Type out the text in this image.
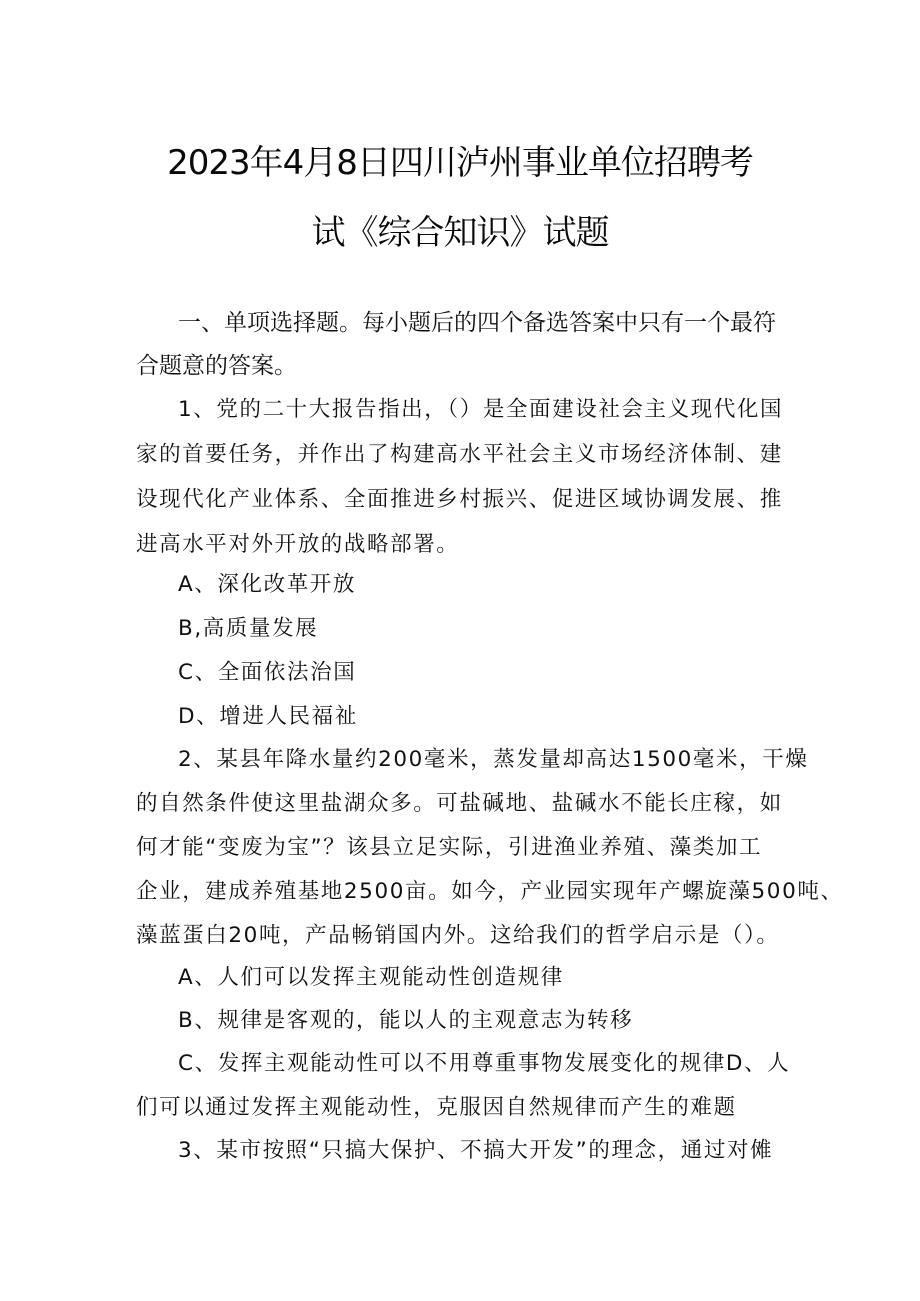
2023年4月8日四川泸州事业单位招聘考
试《综合知识》试题
一、单项选择题。每小题后的四个备选答案中只有一个最符
合题意的答案。
1、党的二十大报告指出，（）是全面建设社会主义现代化国
家的首要任务，并作出了构建高水平社会主义市场经济体制、建
设现代化产业体系、全面推进乡村振兴、促进区域协调发展、推
进高水平对外开放的战略部署。
A、深化改革开放
B,高质量发展
C、全面依法治国
D、增进人民福祉
2、某县年降水量约200毫米，蒸发量却高达1500毫米，干燥
的自然条件使这里盐湖众多。可盐碱地、盐碱水不能长庄稼，如
何才能“变废为宝”？该县立足实际，引进渔业养殖、藻类加工
企业，建成养殖基地2500亩。如今，产业园实现年产螺旋藻500吨、
藻蓝蛋白20吨，产品畅销国内外。这给我们的哲学启示是（）。
A、人们可以发挥主观能动性创造规律
B、规律是客观的，能以人的主观意志为转移
C、发挥主观能动性可以不用尊重事物发展变化的规律D、人
们可以通过发挥主观能动性，克服因自然规律而产生的难题
3、某市按照“只搞大保护、不搞大开发”的理念，通过对傩
